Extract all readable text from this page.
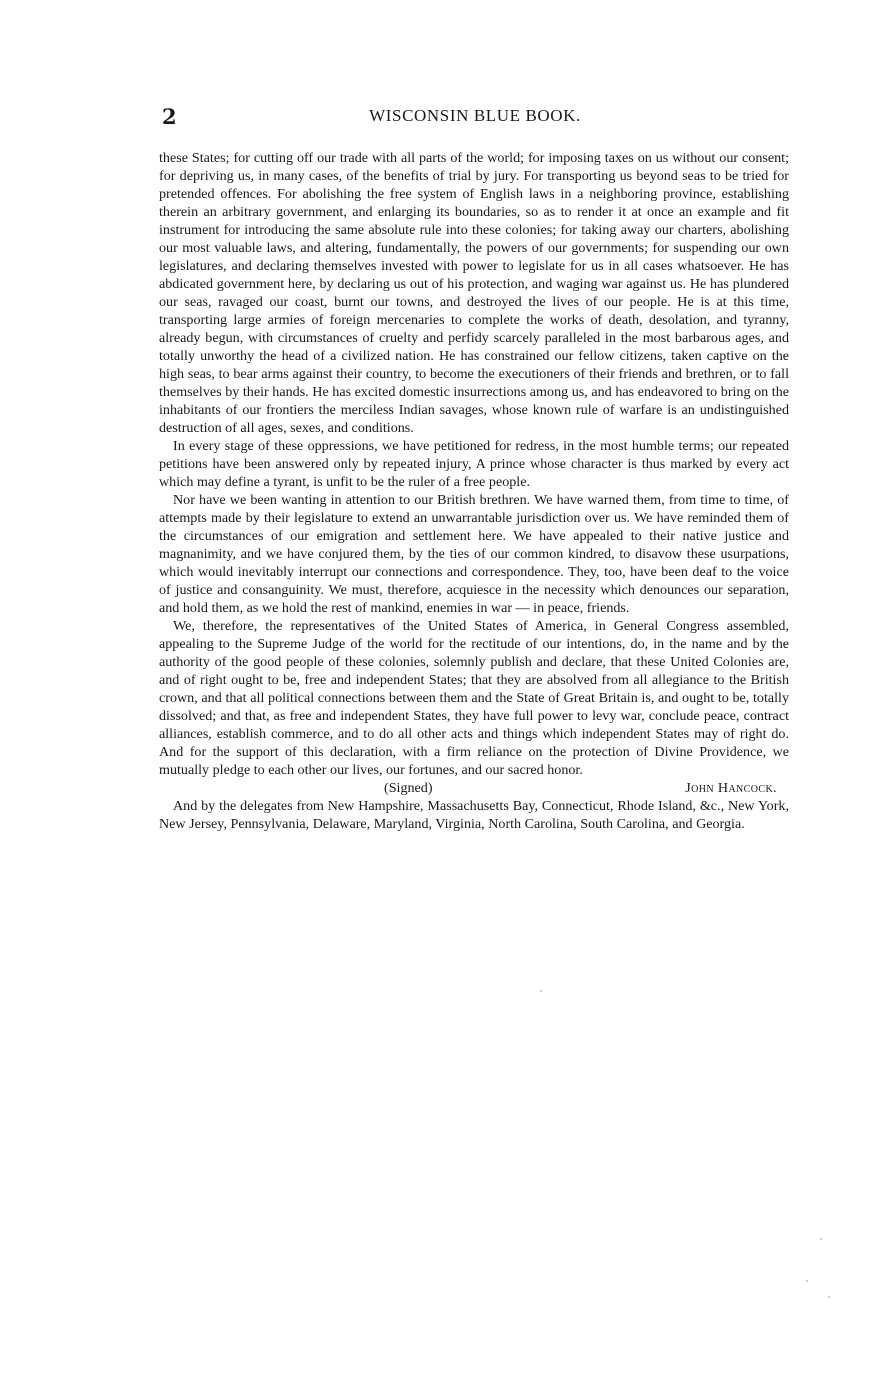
2	WISCONSIN BLUE BOOK.

these States; for cutting off our trade with all parts of the world; for imposing taxes on us without our consent; for depriving us, in many cases, of the benefits of trial by jury. For transporting us beyond seas to be tried for pretended offences. For abolishing the free system of English laws in a neighboring province, establishing therein an arbitrary government, and enlarging its boundaries, so as to render it at once an example and fit instrument for introducing the same absolute rule into these colonies; for taking away our charters, abolishing our most valuable laws, and altering, fundamentally, the powers of our governments; for suspending our own legislatures, and declaring themselves invested with power to legislate for us in all cases whatsoever. He has abdicated government here, by declaring us out of his protection, and waging war against us. He has plundered our seas, ravaged our coast, burnt our towns, and destroyed the lives of our people. He is at this time, transporting large armies of foreign mercenaries to complete the works of death, desolation, and tyranny, already begun, with circumstances of cruelty and perfidy scarcely paralleled in the most barbarous ages, and totally unworthy the head of a civilized nation. He has constrained our fellow citizens, taken captive on the high seas, to bear arms against their country, to become the executioners of their friends and brethren, or to fall themselves by their hands. He has excited domestic insurrections among us, and has endeavored to bring on the inhabitants of our frontiers the merciless Indian savages, whose known rule of warfare is an undistinguished destruction of all ages, sexes, and conditions.

In every stage of these oppressions, we have petitioned for redress, in the most humble terms; our repeated petitions have been answered only by repeated injury, A prince whose character is thus marked by every act which may define a tyrant, is unfit to be the ruler of a free people.

Nor have we been wanting in attention to our British brethren. We have warned them, from time to time, of attempts made by their legislature to extend an unwarrantable jurisdiction over us. We have reminded them of the circumstances of our emigration and settlement here. We have appealed to their native justice and magnanimity, and we have conjured them, by the ties of our common kindred, to disavow these usurpations, which would inevitably interrupt our connections and correspondence. They, too, have been deaf to the voice of justice and consanguinity. We must, therefore, acquiesce in the necessity which denounces our separation, and hold them, as we hold the rest of mankind, enemies in war — in peace, friends.

We, therefore, the representatives of the United States of America, in General Congress assembled, appealing to the Supreme Judge of the world for the rectitude of our intentions, do, in the name and by the authority of the good people of these colonies, solemnly publish and declare, that these United Colonies are, and of right ought to be, free and independent States; that they are absolved from all allegiance to the British crown, and that all political connections between them and the State of Great Britain is, and ought to be, totally dissolved; and that, as free and independent States, they have full power to levy war, conclude peace, contract alliances, establish commerce, and to do all other acts and things which independent States may of right do. And for the support of this declaration, with a firm reliance on the protection of Divine Providence, we mutually pledge to each other our lives, our fortunes, and our sacred honor.

(Signed)	John Hancock.

And by the delegates from New Hampshire, Massachusetts Bay, Connecticut, Rhode Island, &c., New York, New Jersey, Pennsylvania, Delaware, Maryland, Virginia, North Carolina, South Carolina, and Georgia.
